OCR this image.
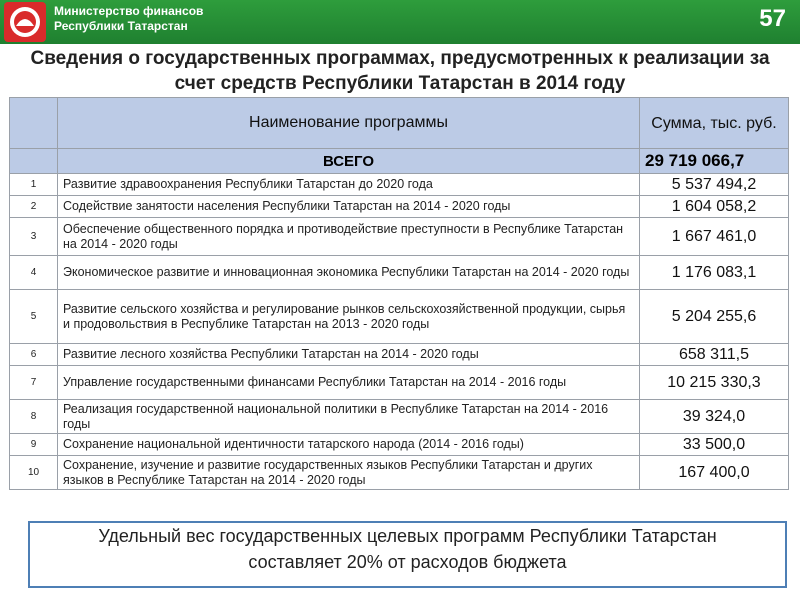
Министерство финансов
Республики Татарстан	57
Сведения о государственных программах, предусмотренных к реализации за счет средств Республики Татарстан в 2014 году
	Наименование программы	Сумма, тыс. руб.
	ВСЕГО	29 719 066,7
1	Развитие здравоохранения Республики Татарстан до 2020 года	5 537 494,2
2	Содействие занятости населения Республики Татарстан на 2014 - 2020 годы	1 604 058,2
3	Обеспечение общественного порядка и противодействие преступности в Республике Татарстан на 2014 - 2020 годы	1 667 461,0
4	Экономическое развитие и инновационная экономика Республики Татарстан на 2014 - 2020 годы	1 176 083,1
5	Развитие сельского хозяйства и регулирование рынков сельскохозяйственной продукции, сырья и продовольствия в Республике Татарстан на 2013 - 2020 годы	5 204 255,6
6	Развитие лесного хозяйства Республики Татарстан на 2014 - 2020 годы	658 311,5
7	Управление государственными финансами Республики Татарстан на 2014 - 2016 годы	10 215 330,3
8	Реализация государственной национальной политики в Республике Татарстан на 2014 - 2016 годы	39 324,0
9	Сохранение национальной идентичности татарского народа (2014 - 2016 годы)	33 500,0
10	Сохранение, изучение и развитие государственных языков Республики Татарстан и других языков в Республике Татарстан на 2014 - 2020 годы	167 400,0
Удельный вес государственных целевых программ Республики Татарстан
составляет 20% от расходов бюджета
